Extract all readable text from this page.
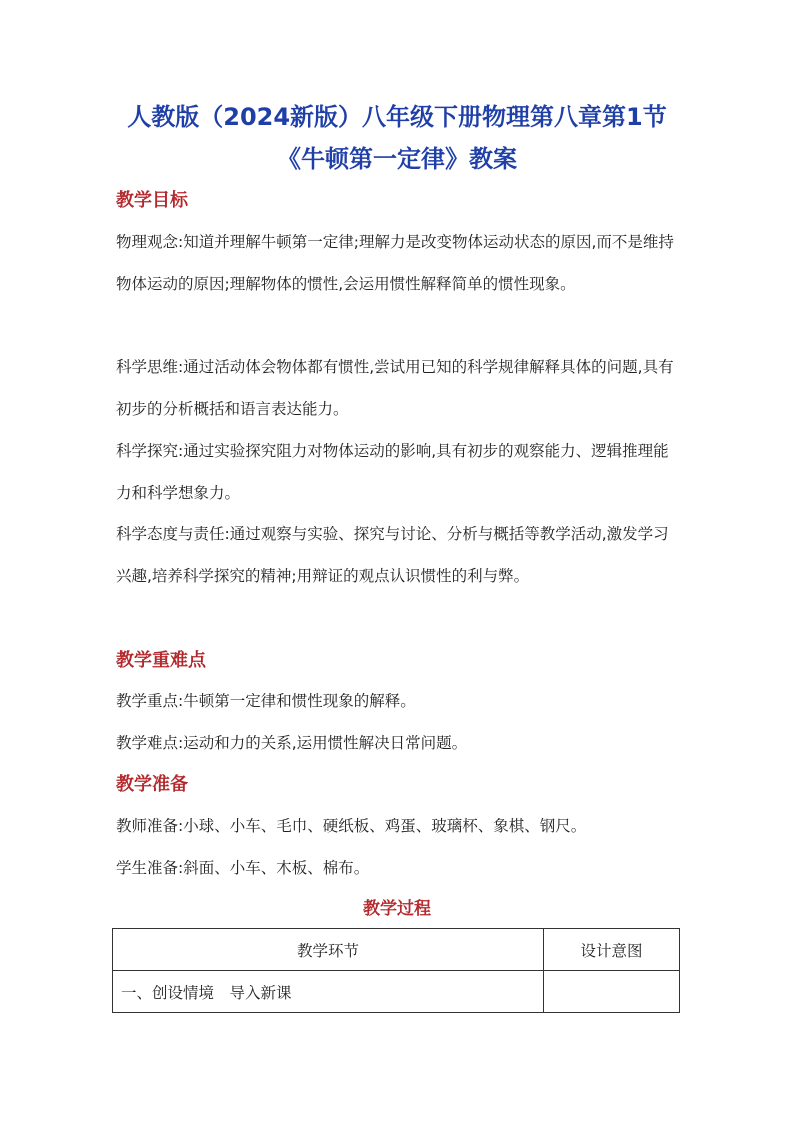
人教版（2024新版）八年级下册物理第八章第1节
《牛顿第一定律》教案
教学目标

物理观念:知道并理解牛顿第一定律;理解力是改变物体运动状态的原因,而不是维持物体运动的原因;理解物体的惯性,会运用惯性解释简单的惯性现象。

科学思维:通过活动体会物体都有惯性,尝试用已知的科学规律解释具体的问题,具有初步的分析概括和语言表达能力。

科学探究:通过实验探究阻力对物体运动的影响,具有初步的观察能力、逻辑推理能力和科学想象力。

科学态度与责任:通过观察与实验、探究与讨论、分析与概括等教学活动,激发学习兴趣,培养科学探究的精神;用辩证的观点认识惯性的利与弊。

教学重难点

教学重点:牛顿第一定律和惯性现象的解释。

教学难点:运动和力的关系,运用惯性解决日常问题。

教学准备

教师准备:小球、小车、毛巾、硬纸板、鸡蛋、玻璃杯、象棋、钢尺。

学生准备:斜面、小车、木板、棉布。

教学过程
教学环节	设计意图
一、创设情境　导入新课	
